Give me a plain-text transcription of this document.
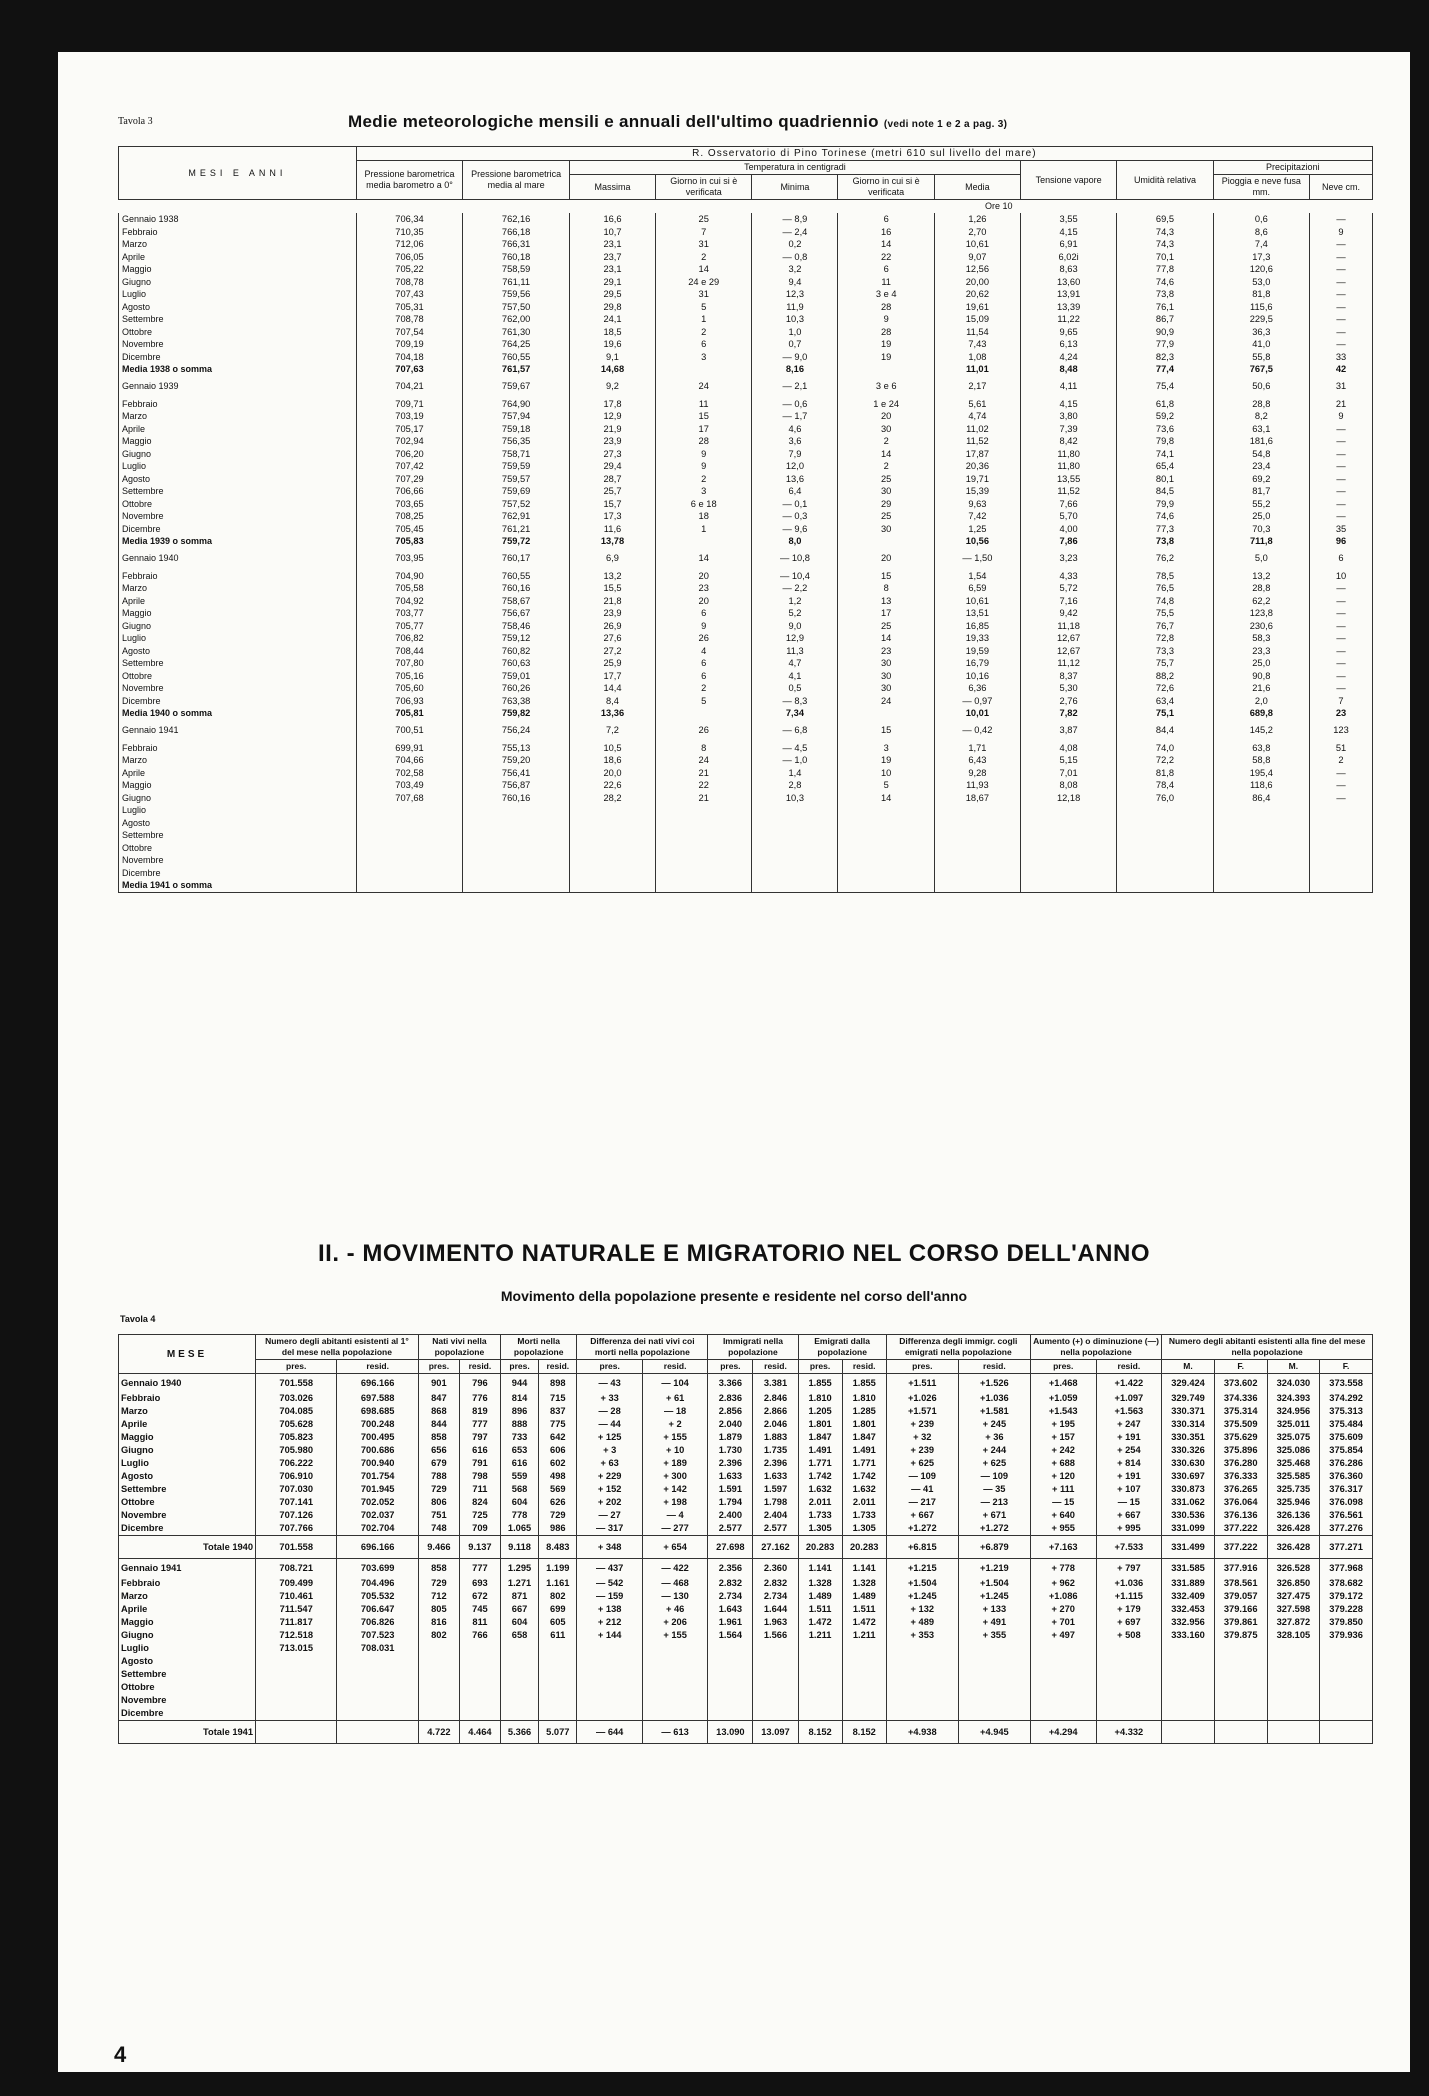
Tavola 3	Medie meteorologiche mensili e annuali dell'ultimo quadriennio (vedi note 1 e 2 a pag. 3)
MESI E ANNI	R. Osservatorio di Pino Torinese (metri 610 sul livello del mare)										
	Pressione barometrica media barometro a 0°	Pressione barometrica media al mare	Temperatura in centigradi					Tensione vapore	Umidità relativa	Precipitazioni	
			Massima	Giorno in cui si è verificata	Minima	Giorno in cui si è verificata	Media			Pioggia e neve fusa mm.	Neve cm.
Ore 10											
Gennaio 1938	706,34	762,16	16,6	25	— 8,9	6	1,26	3,55	69,5	0,6	—
Febbraio	710,35	766,18	10,7	7	— 2,4	16	2,70	4,15	74,3	8,6	9
Marzo	712,06	766,31	23,1	31	0,2	14	10,61	6,91	74,3	7,4	—
Aprile	706,05	760,18	23,7	2	— 0,8	22	9,07	6,02i	70,1	17,3	—
Maggio	705,22	758,59	23,1	14	3,2	6	12,56	8,63	77,8	120,6	—
Giugno	708,78	761,11	29,1	24 e 29	9,4	11	20,00	13,60	74,6	53,0	—
Luglio	707,43	759,56	29,5	31	12,3	3 e 4	20,62	13,91	73,8	81,8	—
Agosto	705,31	757,50	29,8	5	11,9	28	19,61	13,39	76,1	115,6	—
Settembre	708,78	762,00	24,1	1	10,3	9	15,09	11,22	86,7	229,5	—
Ottobre	707,54	761,30	18,5	2	1,0	28	11,54	9,65	90,9	36,3	—
Novembre	709,19	764,25	19,6	6	0,7	19	7,43	6,13	77,9	41,0	—
Dicembre	704,18	760,55	9,1	3	— 9,0	19	1,08	4,24	82,3	55,8	33
Media 1938 o somma	707,63	761,57	14,68		8,16		11,01	8,48	77,4	767,5	42
Gennaio 1939	704,21	759,67	9,2	24	— 2,1	3 e 6	2,17	4,11	75,4	50,6	31
Febbraio	709,71	764,90	17,8	11	— 0,6	1 e 24	5,61	4,15	61,8	28,8	21
Marzo	703,19	757,94	12,9	15	— 1,7	20	4,74	3,80	59,2	8,2	9
Aprile	705,17	759,18	21,9	17	4,6	30	11,02	7,39	73,6	63,1	—
Maggio	702,94	756,35	23,9	28	3,6	2	11,52	8,42	79,8	181,6	—
Giugno	706,20	758,71	27,3	9	7,9	14	17,87	11,80	74,1	54,8	—
Luglio	707,42	759,59	29,4	9	12,0	2	20,36	11,80	65,4	23,4	—
Agosto	707,29	759,57	28,7	2	13,6	25	19,71	13,55	80,1	69,2	—
Settembre	706,66	759,69	25,7	3	6,4	30	15,39	11,52	84,5	81,7	—
Ottobre	703,65	757,52	15,7	6 e 18	— 0,1	29	9,63	7,66	79,9	55,2	—
Novembre	708,25	762,91	17,3	18	— 0,3	25	7,42	5,70	74,6	25,0	—
Dicembre	705,45	761,21	11,6	1	— 9,6	30	1,25	4,00	77,3	70,3	35
Media 1939 o somma	705,83	759,72	13,78		8,0		10,56	7,86	73,8	711,8	96
Gennaio 1940	703,95	760,17	6,9	14	— 10,8	20	— 1,50	3,23	76,2	5,0	6
Febbraio	704,90	760,55	13,2	20	— 10,4	15	1,54	4,33	78,5	13,2	10
Marzo	705,58	760,16	15,5	23	— 2,2	8	6,59	5,72	76,5	28,8	—
Aprile	704,92	758,67	21,8	20	1,2	13	10,61	7,16	74,8	62,2	—
Maggio	703,77	756,67	23,9	6	5,2	17	13,51	9,42	75,5	123,8	—
Giugno	705,77	758,46	26,9	9	9,0	25	16,85	11,18	76,7	230,6	—
Luglio	706,82	759,12	27,6	26	12,9	14	19,33	12,67	72,8	58,3	—
Agosto	708,44	760,82	27,2	4	11,3	23	19,59	12,67	73,3	23,3	—
Settembre	707,80	760,63	25,9	6	4,7	30	16,79	11,12	75,7	25,0	—
Ottobre	705,16	759,01	17,7	6	4,1	30	10,16	8,37	88,2	90,8	—
Novembre	705,60	760,26	14,4	2	0,5	30	6,36	5,30	72,6	21,6	—
Dicembre	706,93	763,38	8,4	5	— 8,3	24	— 0,97	2,76	63,4	2,0	7
Media 1940 o somma	705,81	759,82	13,36		7,34		10,01	7,82	75,1	689,8	23
Gennaio 1941	700,51	756,24	7,2	26	— 6,8	15	— 0,42	3,87	84,4	145,2	123
Febbraio	699,91	755,13	10,5	8	— 4,5	3	1,71	4,08	74,0	63,8	51
Marzo	704,66	759,20	18,6	24	— 1,0	19	6,43	5,15	72,2	58,8	2
Aprile	702,58	756,41	20,0	21	1,4	10	9,28	7,01	81,8	195,4	—
Maggio	703,49	756,87	22,6	22	2,8	5	11,93	8,08	78,4	118,6	—
Giugno	707,68	760,16	28,2	21	10,3	14	18,67	12,18	76,0	86,4	—
Luglio											
Agosto											
Settembre											
Ottobre											
Novembre											
Dicembre											
Media 1941 o somma											
II. - MOVIMENTO NATURALE E MIGRATORIO NEL CORSO DELL'ANNO
Movimento della popolazione presente e residente nel corso dell'anno
Tavola 4
MESE	Numero degli abitanti esistenti al 1° del mese nella popolazione		Nati vivi nella popolazione		Morti nella popolazione		Differenza dei nati vivi coi morti nella popolazione		Immigrati nella popolazione		Emigrati dalla popolazione		Differenza degli immigr. cogli emigrati nella popolazione		Aumento (+) o diminuzione (—) nella popolazione		Numero degli abitanti esistenti alla fine del mese nella popolazione			
	pres.	resid.	pres.	resid.	pres.	resid.	pres.	resid.	pres.	resid.	pres.	resid.	pres.	resid.	pres.	resid.	M.	F.	M.	F.
Gennaio 1940	701.558	696.166	901	796	944	898	— 43	— 104	3.366	3.381	1.855	1.855	+1.511	+1.526	+1.468	+1.422	329.424	373.602	324.030	373.558
Febbraio	703.026	697.588	847	776	814	715	+ 33	+ 61	2.836	2.846	1.810	1.810	+1.026	+1.036	+1.059	+1.097	329.749	374.336	324.393	374.292
Marzo	704.085	698.685	868	819	896	837	— 28	— 18	2.856	2.866	1.205	1.285	+1.571	+1.581	+1.543	+1.563	330.371	375.314	324.956	375.313
Aprile	705.628	700.248	844	777	888	775	— 44	+ 2	2.040	2.046	1.801	1.801	+ 239	+ 245	+ 195	+ 247	330.314	375.509	325.011	375.484
Maggio	705.823	700.495	858	797	733	642	+ 125	+ 155	1.879	1.883	1.847	1.847	+ 32	+ 36	+ 157	+ 191	330.351	375.629	325.075	375.609
Giugno	705.980	700.686	656	616	653	606	+ 3	+ 10	1.730	1.735	1.491	1.491	+ 239	+ 244	+ 242	+ 254	330.326	375.896	325.086	375.854
Luglio	706.222	700.940	679	791	616	602	+ 63	+ 189	2.396	2.396	1.771	1.771	+ 625	+ 625	+ 688	+ 814	330.630	376.280	325.468	376.286
Agosto	706.910	701.754	788	798	559	498	+ 229	+ 300	1.633	1.633	1.742	1.742	— 109	— 109	+ 120	+ 191	330.697	376.333	325.585	376.360
Settembre	707.030	701.945	729	711	568	569	+ 152	+ 142	1.591	1.597	1.632	1.632	— 41	— 35	+ 111	+ 107	330.873	376.265	325.735	376.317
Ottobre	707.141	702.052	806	824	604	626	+ 202	+ 198	1.794	1.798	2.011	2.011	— 217	— 213	— 15	— 15	331.062	376.064	325.946	376.098
Novembre	707.126	702.037	751	725	778	729	— 27	— 4	2.400	2.404	1.733	1.733	+ 667	+ 671	+ 640	+ 667	330.536	376.136	326.136	376.561
Dicembre	707.766	702.704	748	709	1.065	986	— 317	— 277	2.577	2.577	1.305	1.305	+1.272	+1.272	+ 955	+ 995	331.099	377.222	326.428	377.276
Totale 1940	701.558	696.166	9.466	9.137	9.118	8.483	+ 348	+ 654	27.698	27.162	20.283	20.283	+6.815	+6.879	+7.163	+7.533	331.499	377.222	326.428	377.271
Gennaio 1941	708.721	703.699	858	777	1.295	1.199	— 437	— 422	2.356	2.360	1.141	1.141	+1.215	+1.219	+ 778	+ 797	331.585	377.916	326.528	377.968
Febbraio	709.499	704.496	729	693	1.271	1.161	— 542	— 468	2.832	2.832	1.328	1.328	+1.504	+1.504	+ 962	+1.036	331.889	378.561	326.850	378.682
Marzo	710.461	705.532	712	672	871	802	— 159	— 130	2.734	2.734	1.489	1.489	+1.245	+1.245	+1.086	+1.115	332.409	379.057	327.475	379.172
Aprile	711.547	706.647	805	745	667	699	+ 138	+ 46	1.643	1.644	1.511	1.511	+ 132	+ 133	+ 270	+ 179	332.453	379.166	327.598	379.228
Maggio	711.817	706.826	816	811	604	605	+ 212	+ 206	1.961	1.963	1.472	1.472	+ 489	+ 491	+ 701	+ 697	332.956	379.861	327.872	379.850
Giugno	712.518	707.523	802	766	658	611	+ 144	+ 155	1.564	1.566	1.211	1.211	+ 353	+ 355	+ 497	+ 508	333.160	379.875	328.105	379.936
Luglio	713.015	708.031																		
Agosto																				
Settembre																				
Ottobre																				
Novembre																				
Dicembre																				
Totale 1941			4.722	4.464	5.366	5.077	— 644	— 613	13.090	13.097	8.152	8.152	+4.938	+4.945	+4.294	+4.332				
4
